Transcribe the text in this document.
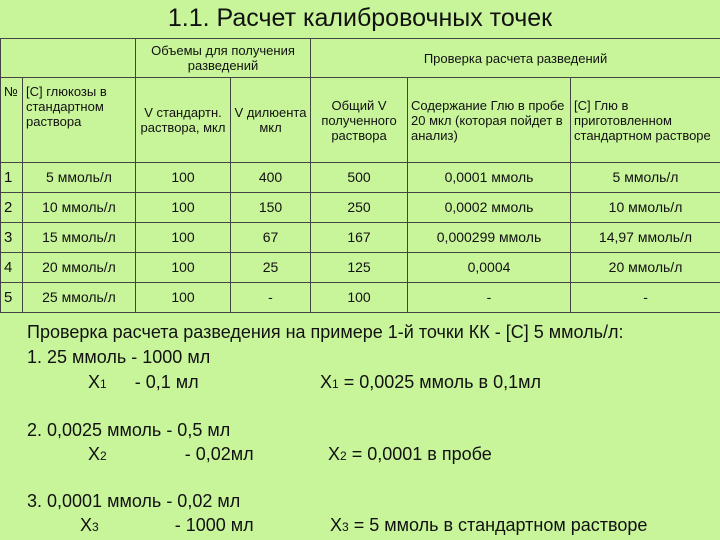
1.1. Расчет калибровочных точек
		Объемы для получения разведений		Проверка расчета разведений		
№	[C] глюкозы в стандартном раствора	V стандартн. раствора, мкл	V дилюента мкл	Общий V полученного раствора	Содержание Глю в пробе 20 мкл (которая пойдет в анализ)	[C] Глю в приготовленном стандартном растворе
1	5 ммоль/л	100	400	500	0,0001 ммоль	5 ммоль/л
2	10 ммоль/л	100	150	250	0,0002 ммоль	10 ммоль/л
3	15 ммоль/л	100	67	167	0,000299 ммоль	14,97 ммоль/л
4	20 ммоль/л	100	25	125	0,0004	20 ммоль/л
5	25 ммоль/л	100	-	100	-	-
Проверка расчета разведения на примере 1-й точки КК - [C] 5 ммоль/л:
1. 25 ммоль - 1000 мл
X1 - 0,1 мл	X1 = 0,0025 ммоль в 0,1мл
2. 0,0025 ммоль - 0,5 мл
X2	- 0,02мл	X2 = 0,0001 в пробе
3. 0,0001 ммоль - 0,02 мл
X3	- 1000 мл	X3 = 5 ммоль в стандартном растворе
